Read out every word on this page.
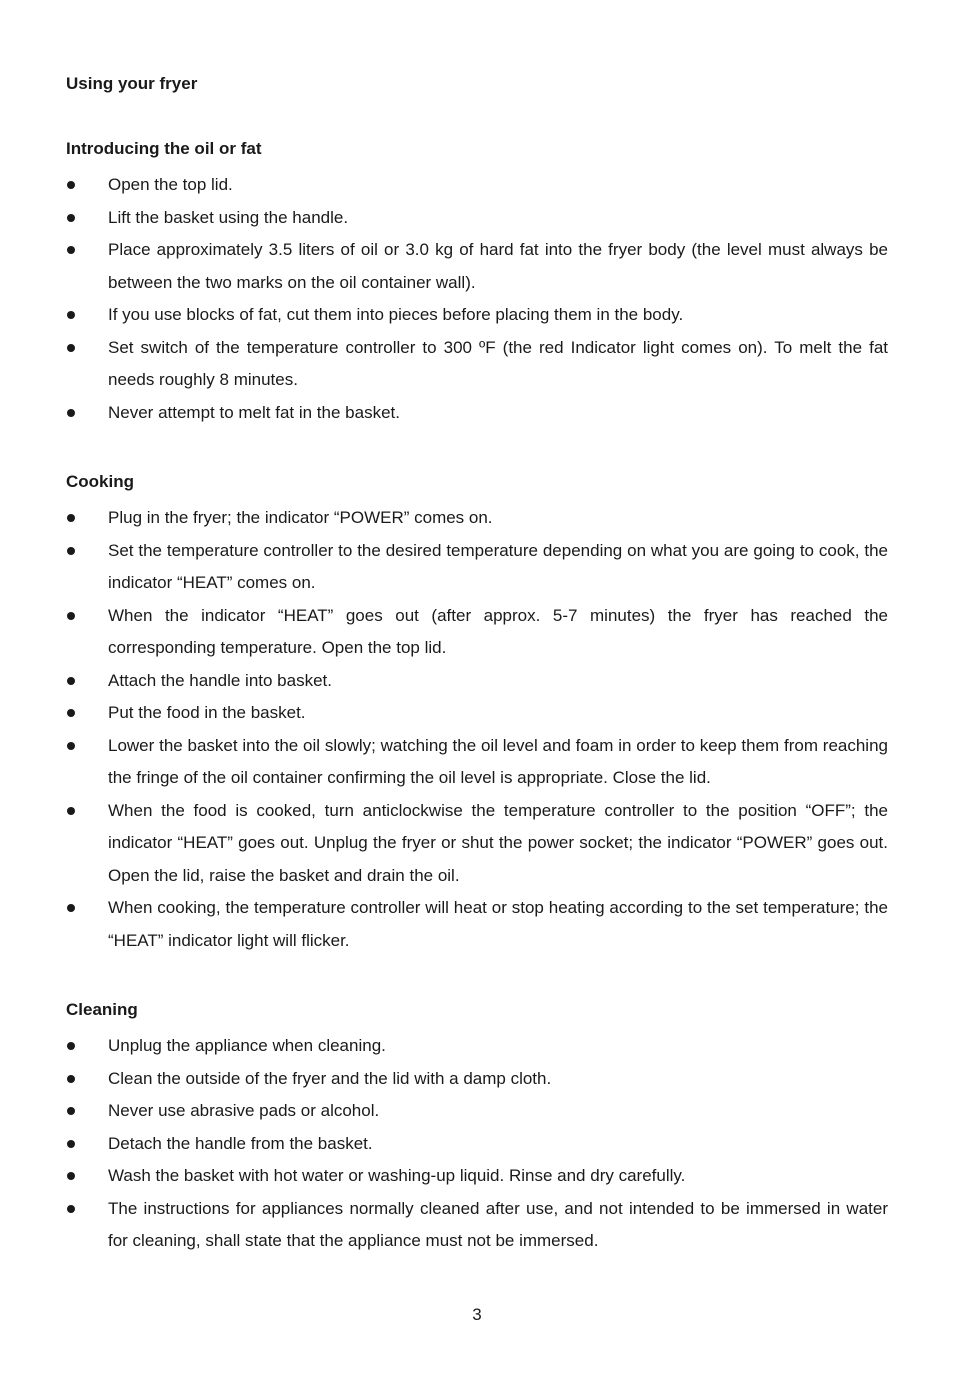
Using your fryer
Introducing the oil or fat
Open the top lid.
Lift the basket using the handle.
Place approximately 3.5 liters of oil or 3.0 kg of hard fat into the fryer body (the level must always be between the two marks on the oil container wall).
If you use blocks of fat, cut them into pieces before placing them in the body.
Set switch of the temperature controller to 300 ºF (the red Indicator light comes on). To melt the fat needs roughly 8 minutes.
Never attempt to melt fat in the basket.
Cooking
Plug in the fryer; the indicator “POWER” comes on.
Set the temperature controller to the desired temperature depending on what you are going to cook, the indicator “HEAT” comes on.
When the indicator “HEAT” goes out (after approx. 5-7 minutes) the fryer has reached the corresponding temperature. Open the top lid.
Attach the handle into basket.
Put the food in the basket.
Lower the basket into the oil slowly; watching the oil level and foam in order to keep them from reaching the fringe of the oil container confirming the oil level is appropriate. Close the lid.
When the food is cooked, turn anticlockwise the temperature controller to the position “OFF”; the indicator “HEAT” goes out. Unplug the fryer or shut the power socket; the indicator “POWER” goes out. Open the lid, raise the basket and drain the oil.
When cooking, the temperature controller will heat or stop heating according to the set temperature; the “HEAT” indicator light will flicker.
Cleaning
Unplug the appliance when cleaning.
Clean the outside of the fryer and the lid with a damp cloth.
Never use abrasive pads or alcohol.
Detach the handle from the basket.
Wash the basket with hot water or washing-up liquid. Rinse and dry carefully.
The instructions for appliances normally cleaned after use, and not intended to be immersed in water for cleaning, shall state that the appliance must not be immersed.
3
